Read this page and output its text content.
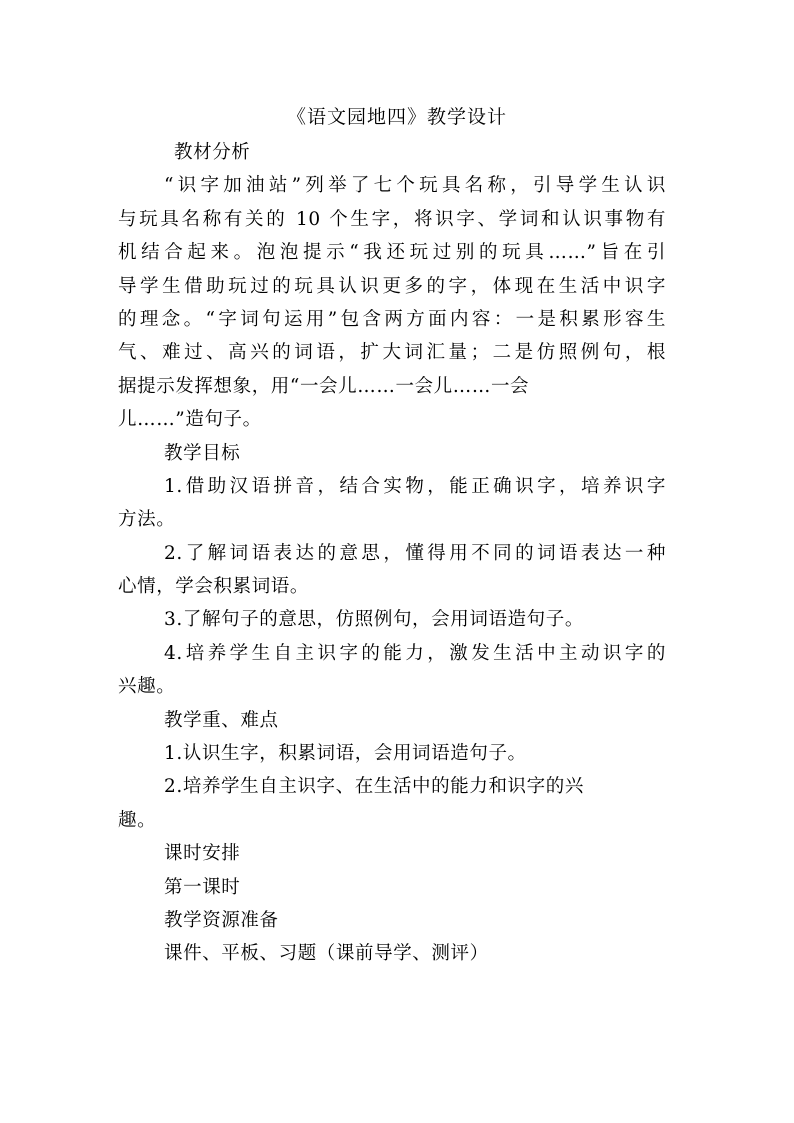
《语文园地四》教学设计
教材分析
“识字加油站”列举了七个玩具名称，引导学生认识
与玩具名称有关的 10 个生字，将识字、学词和认识事物有
机结合起来。泡泡提示“我还玩过别的玩具……”旨在引
导学生借助玩过的玩具认识更多的字，体现在生活中识字
的理念。“字词句运用”包含两方面内容：一是积累形容生
气、难过、高兴的词语，扩大词汇量；二是仿照例句，根
据提示发挥想象，用“一会儿……一会儿……一会
儿……”造句子。
教学目标
1.借助汉语拼音，结合实物，能正确识字，培养识字
方法。
2.了解词语表达的意思，懂得用不同的词语表达一种
心情，学会积累词语。
3.了解句子的意思，仿照例句，会用词语造句子。
4.培养学生自主识字的能力，激发生活中主动识字的
兴趣。
教学重、难点
1.认识生字，积累词语，会用词语造句子。
2.培养学生自主识字、在生活中的能力和识字的兴
趣。
课时安排
第一课时
教学资源准备
课件、平板、习题（课前导学、测评）
